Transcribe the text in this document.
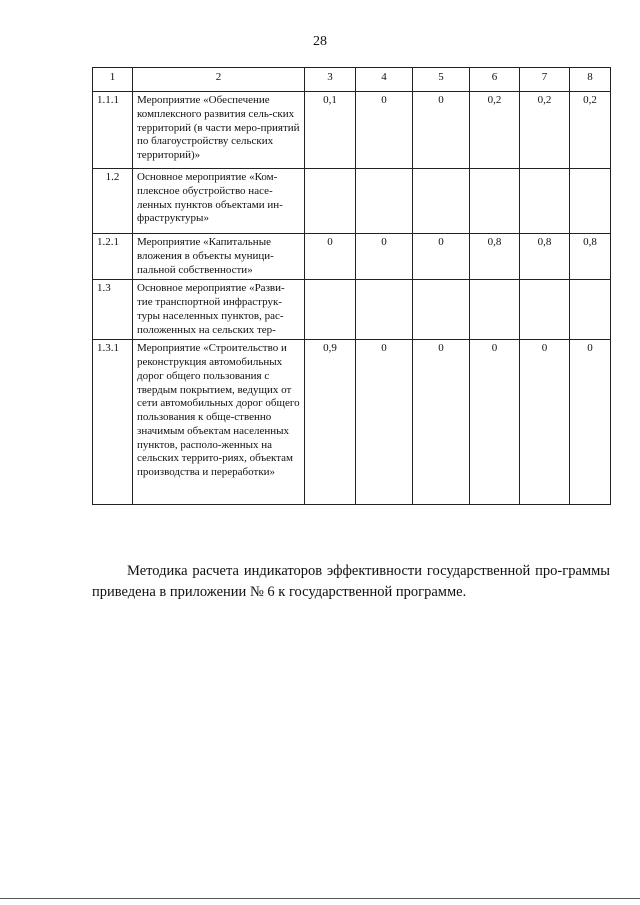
28
1	2	3	4	5	6	7	8
1.1.1	Мероприятие «Обеспечение комплексного развития сель-ских территорий (в части меро-приятий по благоустройству сельских территорий)»	0,1	0	0	0,2	0,2	0,2
1.2	Основное мероприятие «Ком-плексное обустройство насе-ленных пунктов объектами ин-фраструктуры»						
1.2.1	Мероприятие «Капитальные вложения в объекты муници-пальной собственности»	0	0	0	0,8	0,8	0,8
1.3	Основное мероприятие «Разви-тие транспортной инфраструк-туры населенных пунктов, рас-положенных на сельских тер-						
1.3.1	Мероприятие «Строительство и реконструкция автомобильных дорог общего пользования с твердым покрытием, ведущих от сети автомобильных дорог общего пользования к обще-ственно значимым объектам населенных пунктов, располо-женных на сельских террито-риях, объектам производства и переработки»	0,9	0	0	0	0	0

Методика расчета индикаторов эффективности государственной про-граммы приведена в приложении № 6 к государственной программе.
